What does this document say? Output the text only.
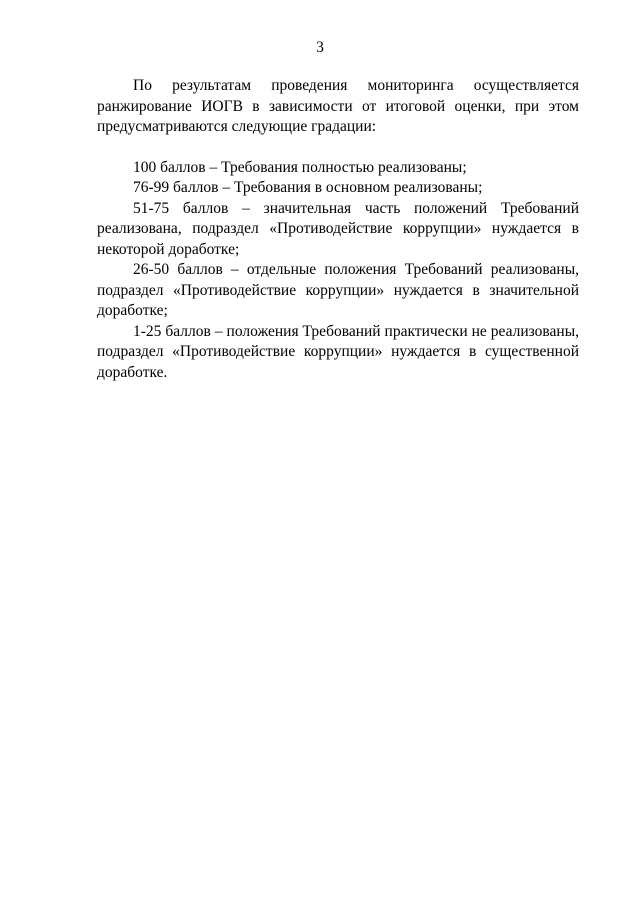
3

По результатам проведения мониторинга осуществляется ранжирование ИОГВ в зависимости от итоговой оценки, при этом предусматриваются следующие градации:

100 баллов – Требования полностью реализованы;

76-99 баллов – Требования в основном реализованы;

51-75 баллов – значительная часть положений Требований реализована, подраздел «Противодействие коррупции» нуждается в некоторой доработке;

26-50 баллов – отдельные положения Требований реализованы, подраздел «Противодействие коррупции» нуждается в значительной доработке;

1-25 баллов – положения Требований практически не реализованы, подраздел «Противодействие коррупции» нуждается в существенной доработке.
